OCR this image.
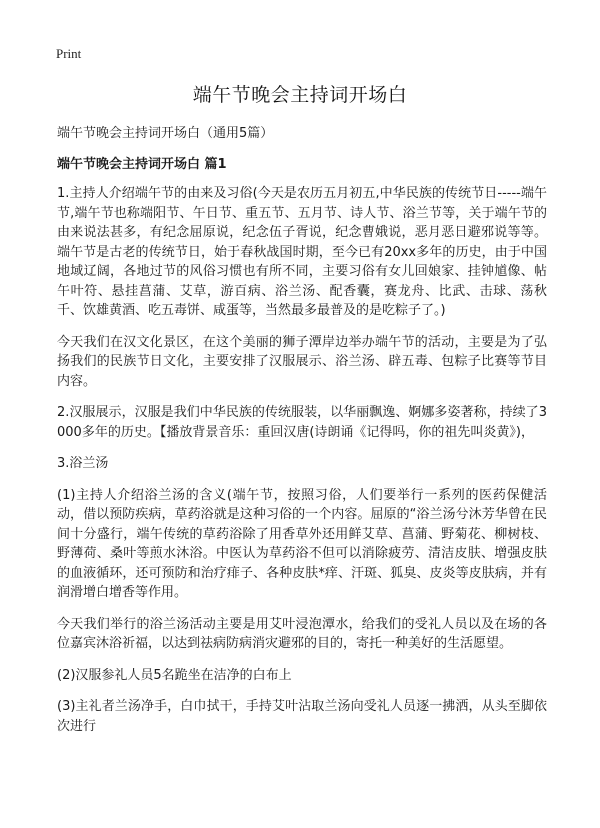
Print
端午节晚会主持词开场白
端午节晚会主持词开场白（通用5篇）
端午节晚会主持词开场白 篇1

1.主持人介绍端午节的由来及习俗(今天是农历五月初五,中华民族的传统节日-----端午节,端午节也称端阳节、午日节、重五节、五月节、诗人节、浴兰节等，关于端午节的由来说法甚多，有纪念屈原说，纪念伍子胥说，纪念曹娥说，恶月恶日避邪说等等。端午节是古老的传统节日，始于春秋战国时期，至今已有20xx多年的历史，由于中国地域辽阔，各地过节的风俗习惯也有所不同，主要习俗有女儿回娘家、挂钟馗像、帖午叶符、悬挂菖蒲、艾草，游百病、浴兰汤、配香囊，赛龙舟、比武、击球、荡秋千、饮雄黄酒、吃五毒饼、咸蛋等，当然最多最普及的是吃粽子了。)

今天我们在汉文化景区，在这个美丽的狮子潭岸边举办端午节的活动，主要是为了弘扬我们的民族节日文化，主要安排了汉服展示、浴兰汤、辟五毒、包粽子比赛等节目内容。

2.汉服展示，汉服是我们中华民族的传统服装，以华丽飘逸、婀娜多姿著称，持续了3000多年的历史。【播放背景音乐：重回汉唐(诗朗诵《记得吗，你的祖先叫炎黄》)，

3.浴兰汤

(1)主持人介绍浴兰汤的含义(端午节，按照习俗，人们要举行一系列的医药保健活动，借以预防疾病，草药浴就是这种习俗的一个内容。屈原的“浴兰汤兮沐芳华曾在民间十分盛行，端午传统的草药浴除了用香草外还用鲜艾草、菖蒲、野菊花、柳树枝、野薄荷、桑叶等煎水沐浴。中医认为草药浴不但可以消除疲劳、清洁皮肤、增强皮肤的血液循环，还可预防和治疗痱子、各种皮肤*痒、汗斑、狐臭、皮炎等皮肤病，并有润滑增白增香等作用。

今天我们举行的浴兰汤活动主要是用艾叶浸泡潭水，给我们的受礼人员以及在场的各位嘉宾沐浴祈福，以达到祛病防病消灾避邪的目的，寄托一种美好的生活愿望。

(2)汉服参礼人员5名跪坐在洁净的白布上

(3)主礼者兰汤净手，白巾拭干，手持艾叶沾取兰汤向受礼人员逐一拂洒，从头至脚依次进行
